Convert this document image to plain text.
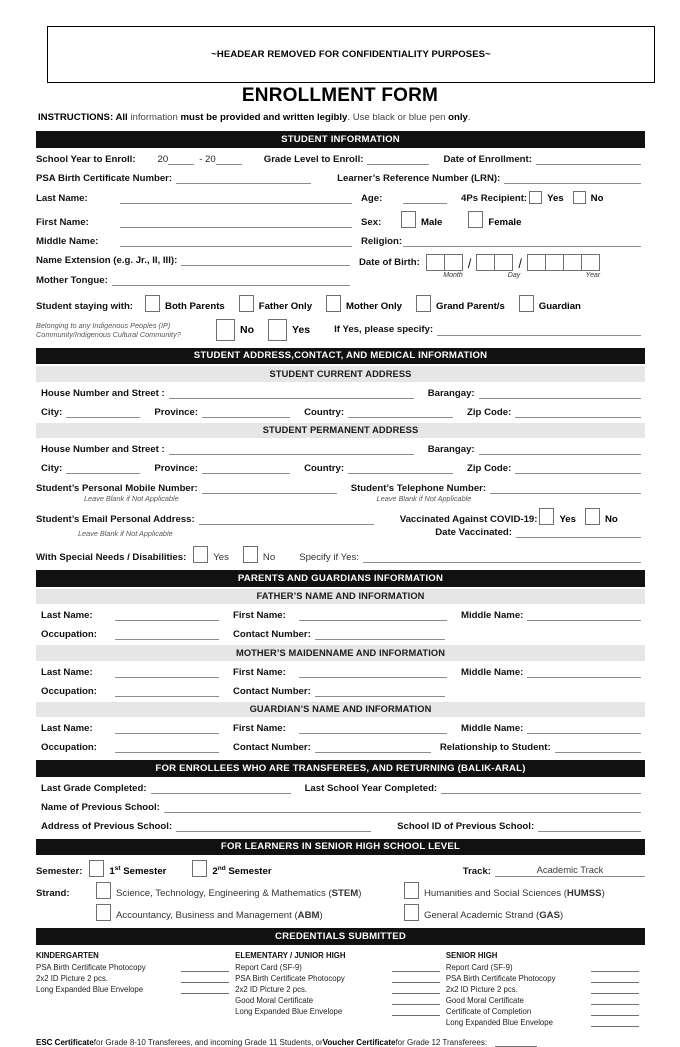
~HEADEAR REMOVED FOR CONFIDENTIALITY PURPOSES~
ENROLLMENT FORM
INSTRUCTIONS: All information must be provided and written legibly. Use black or blue pen only.
STUDENT INFORMATION
School Year to Enroll: 20	- 20	Grade Level to Enroll:	Date of Enrollment:
PSA Birth Certificate Number:	Learner’s Reference Number (LRN):
Last Name:	Age:	4Ps Recipient: Yes	No
First Name:	Sex:	Male	Female
Middle Name:	Religion:
Name Extension (e.g. Jr., II, III):
Mother Tongue:
Date of Birth:	/	/
Month	Day	Year
Student staying with:	Both Parents	Father Only	Mother Only	Grand Parent/s	Guardian
Belonging to any Indigenous Peoples (IP)
Community/Indigenous Cultural Community?	No	Yes	If Yes, please specify:
STUDENT ADDRESS,CONTACT, AND MEDICAL INFORMATION
STUDENT CURRENT ADDRESS
House Number and Street :	Barangay:
City:	Province:	Country:	Zip Code:
STUDENT PERMANENT ADDRESS
House Number and Street :	Barangay:
City:	Province:	Country:	Zip Code:
Student’s Personal Mobile Number:	Student’s Telephone Number:
Leave Blank if Not Applicable	Leave Blank if Not Applicable
Student’s Email Personal Address:	Vaccinated Against COVID-19: Yes	No
Leave Blank if Not Applicable	Date Vaccinated:
With Special Needs / Disabilities:	Yes	No	Specify if Yes:
PARENTS AND GUARDIANS INFORMATION
FATHER’S NAME AND INFORMATION
Last Name:	First Name:	Middle Name:
Occupation:	Contact Number:
MOTHER’S MAIDENNAME AND INFORMATION
Last Name:	First Name:	Middle Name:
Occupation:	Contact Number:
GUARDIAN’S NAME AND INFORMATION
Last Name:	First Name:	Middle Name:
Occupation:	Contact Number:	Relationship to Student:
FOR ENROLLEES WHO ARE TRANSFEREES, AND RETURNING (BALIK-ARAL)
Last Grade Completed:	Last School Year Completed:
Name of Previous School:
Address of Previous School:	School ID of Previous School:
FOR LEARNERS IN SENIOR HIGH SCHOOL LEVEL
Semester:	1st Semester	2nd Semester	Track:	Academic Track
Strand:	Science, Technology, Engineering & Mathematics (STEM)	Humanities and Social Sciences (HUMSS)
Accountancy, Business and Management (ABM)	General Academic Strand (GAS)
CREDENTIALS SUBMITTED
KINDERGARTEN
PSA Birth Certificate Photocopy
2x2 ID Picture 2 pcs.
Long Expanded Blue Envelope
ELEMENTARY / JUNIOR HIGH
Report Card (SF-9)
PSA Birth Certificate Photocopy
2x2 ID Picture 2 pcs.
Good Moral Certificate
Long Expanded Blue Envelope
SENIOR HIGH
Report Card (SF-9)
PSA Birth Certificate Photocopy
2x2 ID Picture 2 pcs.
Good Moral Certificate
Certificate of Completion
Long Expanded Blue Envelope
ESC Certificate for Grade 8-10 Transferees, and incoming Grade 11 Students, or Voucher Certificate for Grade 12 Transferees:
